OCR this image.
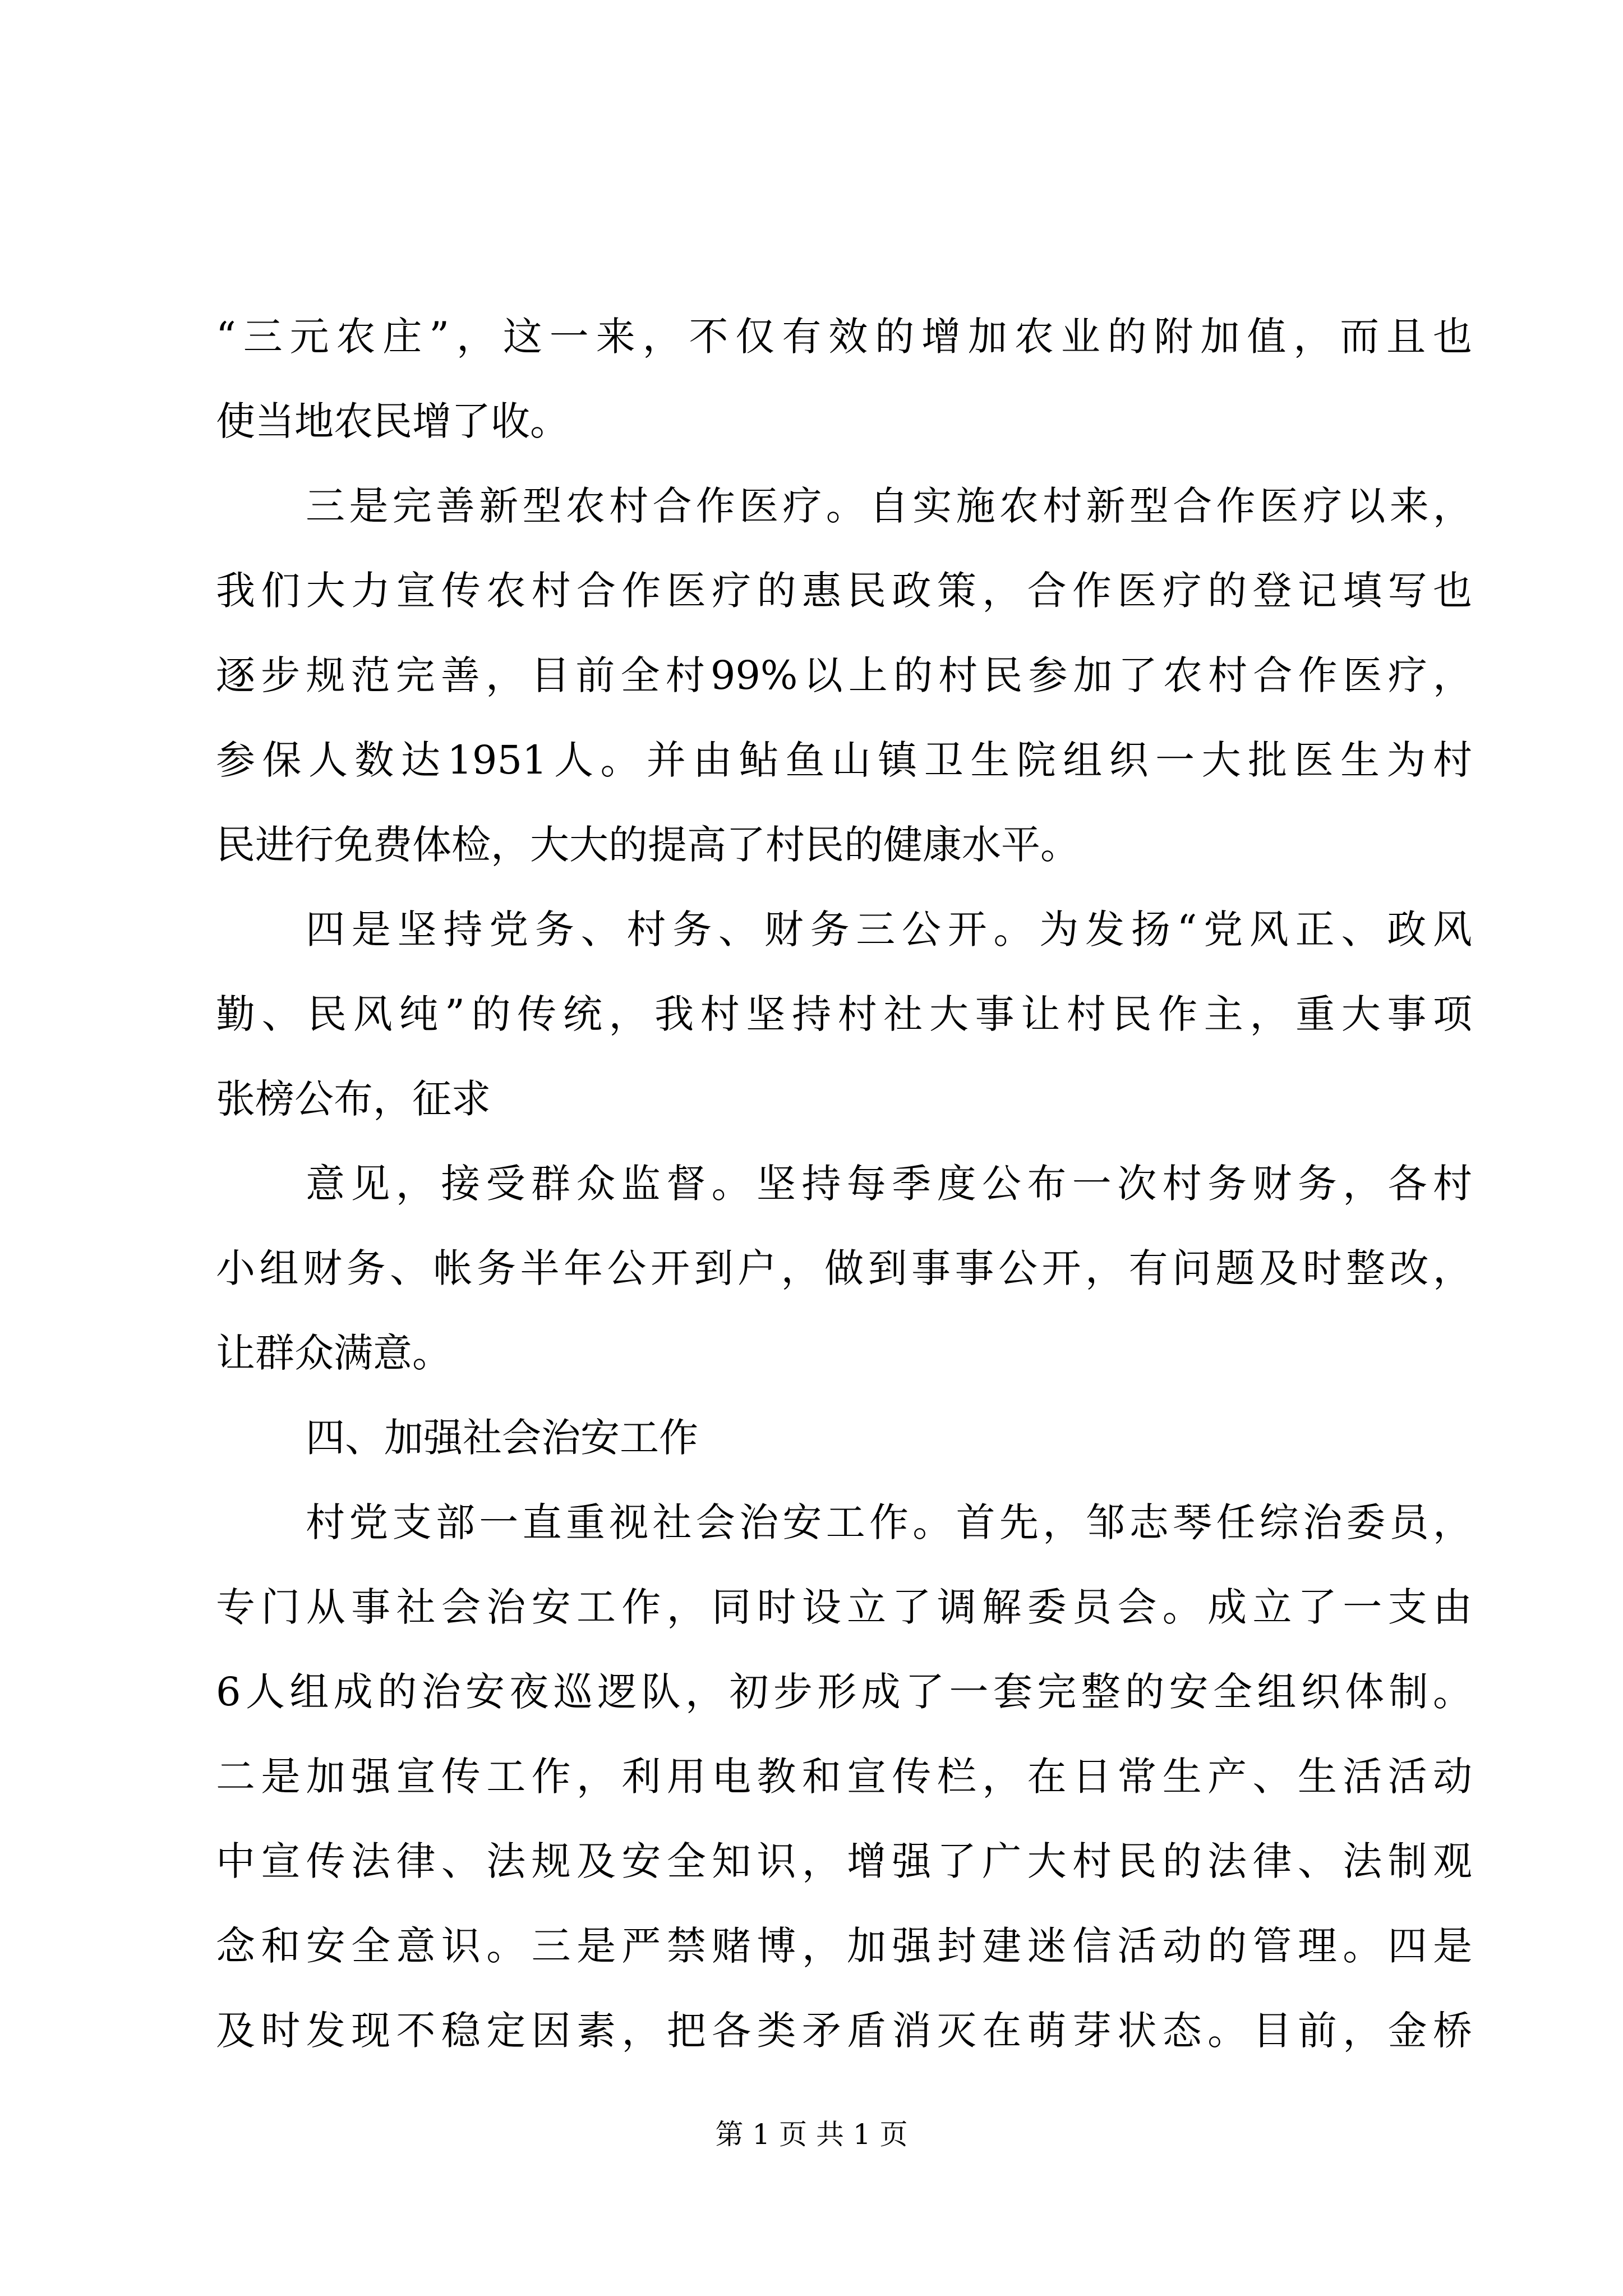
“三元农庄”，这一来，不仅有效的增加农业的附加值，而且也
使当地农民增了收。
三是完善新型农村合作医疗。自实施农村新型合作医疗以来，
我们大力宣传农村合作医疗的惠民政策，合作医疗的登记填写也
逐步规范完善，目前全村99%以上的村民参加了农村合作医疗，
参保人数达1951人。并由鲇鱼山镇卫生院组织一大批医生为村
民进行免费体检，大大的提高了村民的健康水平。
四是坚持党务、村务、财务三公开。为发扬“党风正、政风
勤、民风纯”的传统，我村坚持村社大事让村民作主，重大事项
张榜公布，征求
意见，接受群众监督。坚持每季度公布一次村务财务，各村
小组财务、帐务半年公开到户，做到事事公开，有问题及时整改，
让群众满意。
四、加强社会治安工作
村党支部一直重视社会治安工作。首先，邹志琴任综治委员，
专门从事社会治安工作，同时设立了调解委员会。成立了一支由
6人组成的治安夜巡逻队，初步形成了一套完整的安全组织体制。
二是加强宣传工作，利用电教和宣传栏，在日常生产、生活活动
中宣传法律、法规及安全知识，增强了广大村民的法律、法制观
念和安全意识。三是严禁赌博，加强封建迷信活动的管理。四是
及时发现不稳定因素，把各类矛盾消灭在萌芽状态。目前，金桥
第 1 页 共 1 页
